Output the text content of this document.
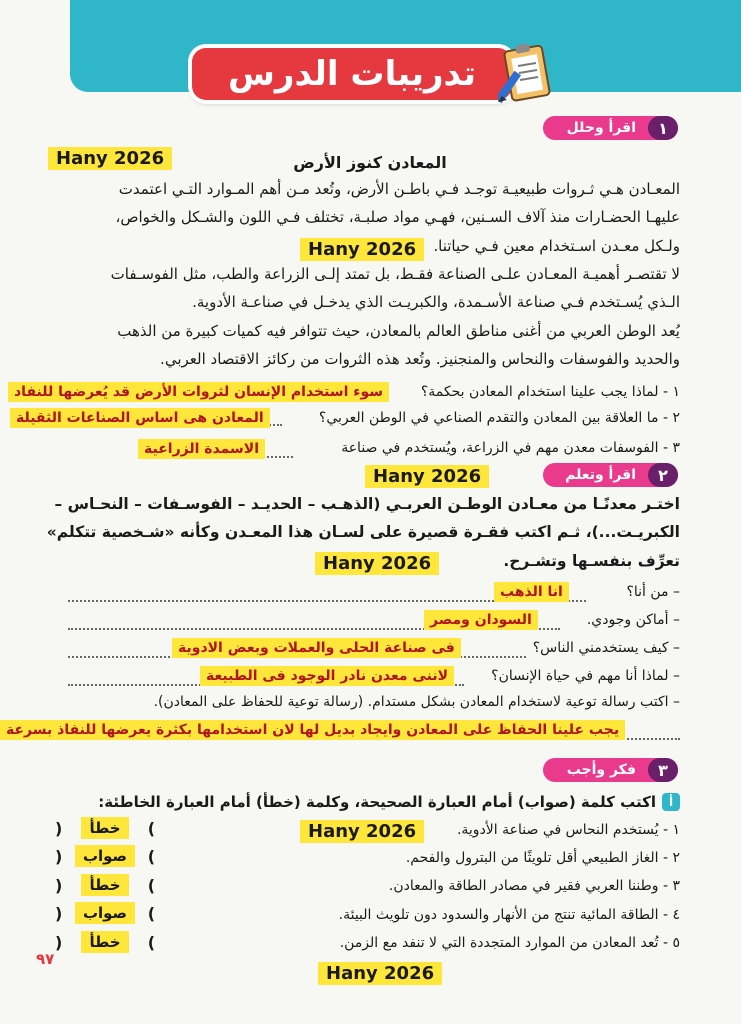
تدريبات الدرس
اقرأ وحلل	١
Hany 2026	المعادن كنوز الأرض
المعـادن هـي ثـروات طبيعيـة توجـد فـي باطـن الأرض، وتُعد مـن أهم المـوارد التـي اعتمدت
عليهـا الحضـارات منذ آلاف السـنين، فهـي مواد صلبـة، تختلف فـي اللون والشـكل والخواص،
ولـكل معـدن اسـتخدام معين فـي حياتنا.
Hany 2026
لا تقتصـر أهميـة المعـادن علـى الصناعة فقـط، بل تمتد إلـى الزراعة والطب، مثل الفوسـفات
الـذي يُسـتخدم فـي صناعة الأسـمدة، والكبريـت الذي يدخـل في صناعـة الأدوية.
يُعد الوطن العربي من أغنى مناطق العالم بالمعادن، حيث تتوافر فيه كميات كبيرة من الذهب
والحديد والفوسفات والنحاس والمنجنيز. وتُعد هذه الثروات من ركائز الاقتصاد العربي.
١ - لماذا يجب علينا استخدام المعادن بحكمة؟
سوء استخدام الإنسان لثروات الأرض قد يُعرضها للنفاد
٢ - ما العلاقة بين المعادن والتقدم الصناعي في الوطن العربي؟
المعادن هى اساس الصناعات الثقيلة
٣ - الفوسفات معدن مهم في الزراعة، ويُستخدم في صناعة
الاسمدة الزراعية
Hany 2026	اقرأ وتعلم	٢
اختـر معدنًـا من معـادن الوطـن العربـي (الذهـب – الحديـد – الفوسـفات – النحـاس –
الكبريـت...)، ثـم اكتب فقـرة قصيرة على لسـان هذا المعـدن وكأنه «شـخصية تتكلم»
تعرِّف بنفسـها وتشـرح.
Hany 2026
– من أنا؟
انا الذهب
– أماكن وجودي.
السودان ومصر
– كيف يستخدمني الناس؟
فى صناعة الحلى والعملات وبعض الادوية
– لماذا أنا مهم في حياة الإنسان؟
لاننى معدن نادر الوجود فى الطبيعة
– اكتب رسالة توعية لاستخدام المعادن بشكل مستدام. (رسالة توعية للحفاظ على المعادن).
يجب علينا الحفاظ على المعادن وايجاد بديل لها لان استخدامها بكثرة يعرضها للنفاذ بسرعة
فكر وأجب	٣
أ
اكتب كلمة (صواب) أمام العبارة الصحيحة، وكلمة (خطأ) أمام العبارة الخاطئة:
١ - يُستخدم النحاس في صناعة الأدوية.
Hany 2026
)	خطأ	(
٢ - الغاز الطبيعي أقل تلويثًا من البترول والفحم.
)	صواب	(
٣ - وطننا العربي فقير في مصادر الطاقة والمعادن.
)	خطأ	(
٤ - الطاقة المائية تنتج من الأنهار والسدود دون تلويث البيئة.
)	صواب	(
٥ - تُعد المعادن من الموارد المتجددة التي لا تنفد مع الزمن.
)	خطأ	(
Hany 2026
٩٧
